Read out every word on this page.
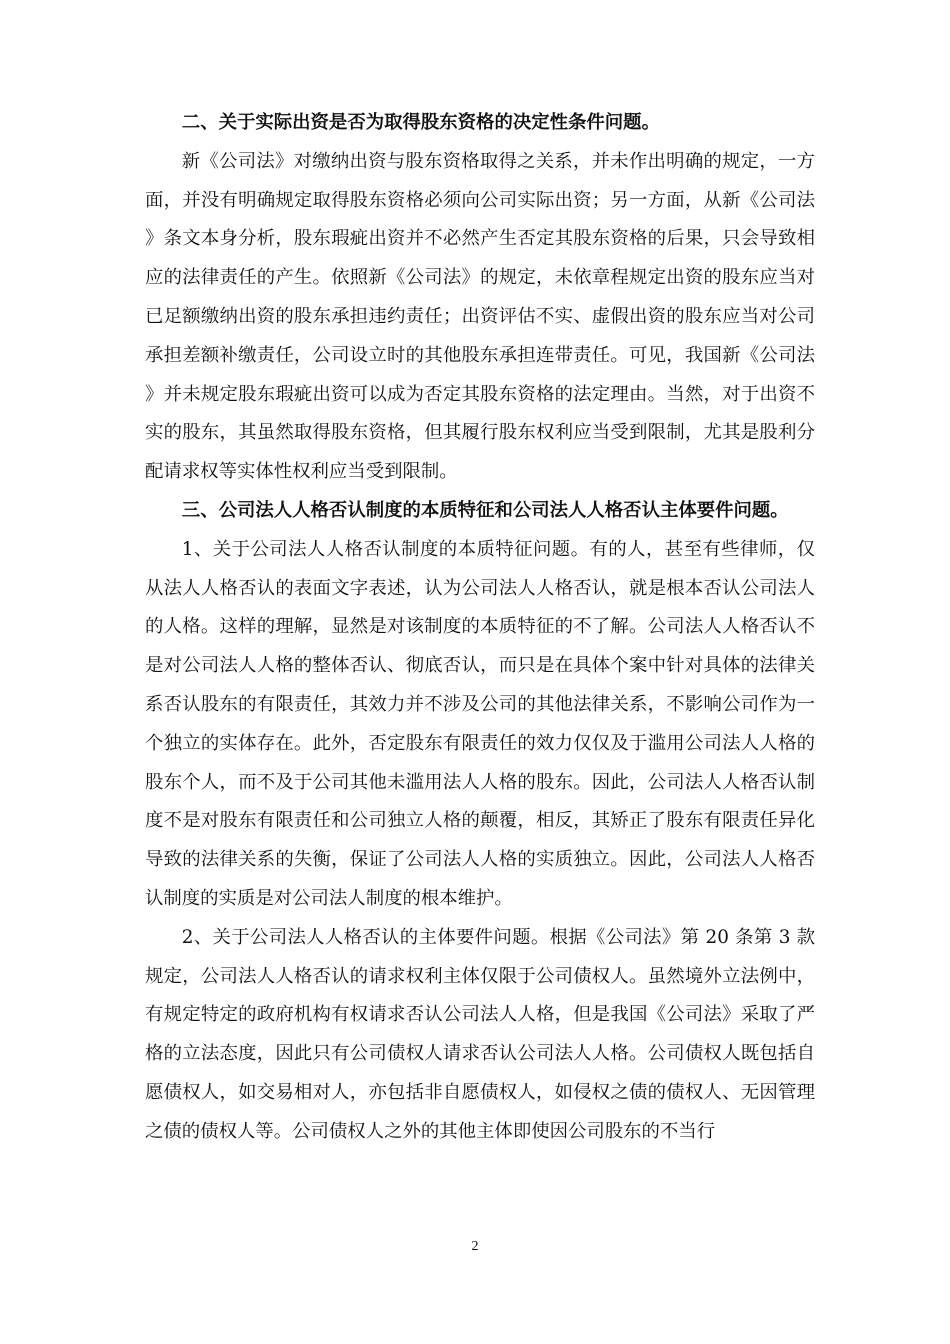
二、关于实际出资是否为取得股东资格的决定性条件问题。

新《公司法》对缴纳出资与股东资格取得之关系，并未作出明确的规定，一方面，并没有明确规定取得股东资格必须向公司实际出资；另一方面，从新《公司法》条文本身分析，股东瑕疵出资并不必然产生否定其股东资格的后果，只会导致相应的法律责任的产生。依照新《公司法》的规定，未依章程规定出资的股东应当对已足额缴纳出资的股东承担违约责任；出资评估不实、虚假出资的股东应当对公司承担差额补缴责任，公司设立时的其他股东承担连带责任。可见，我国新《公司法》并未规定股东瑕疵出资可以成为否定其股东资格的法定理由。当然，对于出资不实的股东，其虽然取得股东资格，但其履行股东权利应当受到限制，尤其是股利分配请求权等实体性权利应当受到限制。

三、公司法人人格否认制度的本质特征和公司法人人格否认主体要件问题。

1、关于公司法人人格否认制度的本质特征问题。有的人，甚至有些律师，仅从法人人格否认的表面文字表述，认为公司法人人格否认，就是根本否认公司法人的人格。这样的理解，显然是对该制度的本质特征的不了解。公司法人人格否认不是对公司法人人格的整体否认、彻底否认，而只是在具体个案中针对具体的法律关系否认股东的有限责任，其效力并不涉及公司的其他法律关系，不影响公司作为一个独立的实体存在。此外，否定股东有限责任的效力仅仅及于滥用公司法人人格的股东个人，而不及于公司其他未滥用法人人格的股东。因此，公司法人人格否认制度不是对股东有限责任和公司独立人格的颠覆，相反，其矫正了股东有限责任异化导致的法律关系的失衡，保证了公司法人人格的实质独立。因此，公司法人人格否认制度的实质是对公司法人制度的根本维护。

2、关于公司法人人格否认的主体要件问题。根据《公司法》第 20 条第 3 款规定，公司法人人格否认的请求权利主体仅限于公司债权人。虽然境外立法例中，有规定特定的政府机构有权请求否认公司法人人格，但是我国《公司法》采取了严格的立法态度，因此只有公司债权人请求否认公司法人人格。公司债权人既包括自愿债权人，如交易相对人，亦包括非自愿债权人，如侵权之债的债权人、无因管理之债的债权人等。公司债权人之外的其他主体即使因公司股东的不当行

2
